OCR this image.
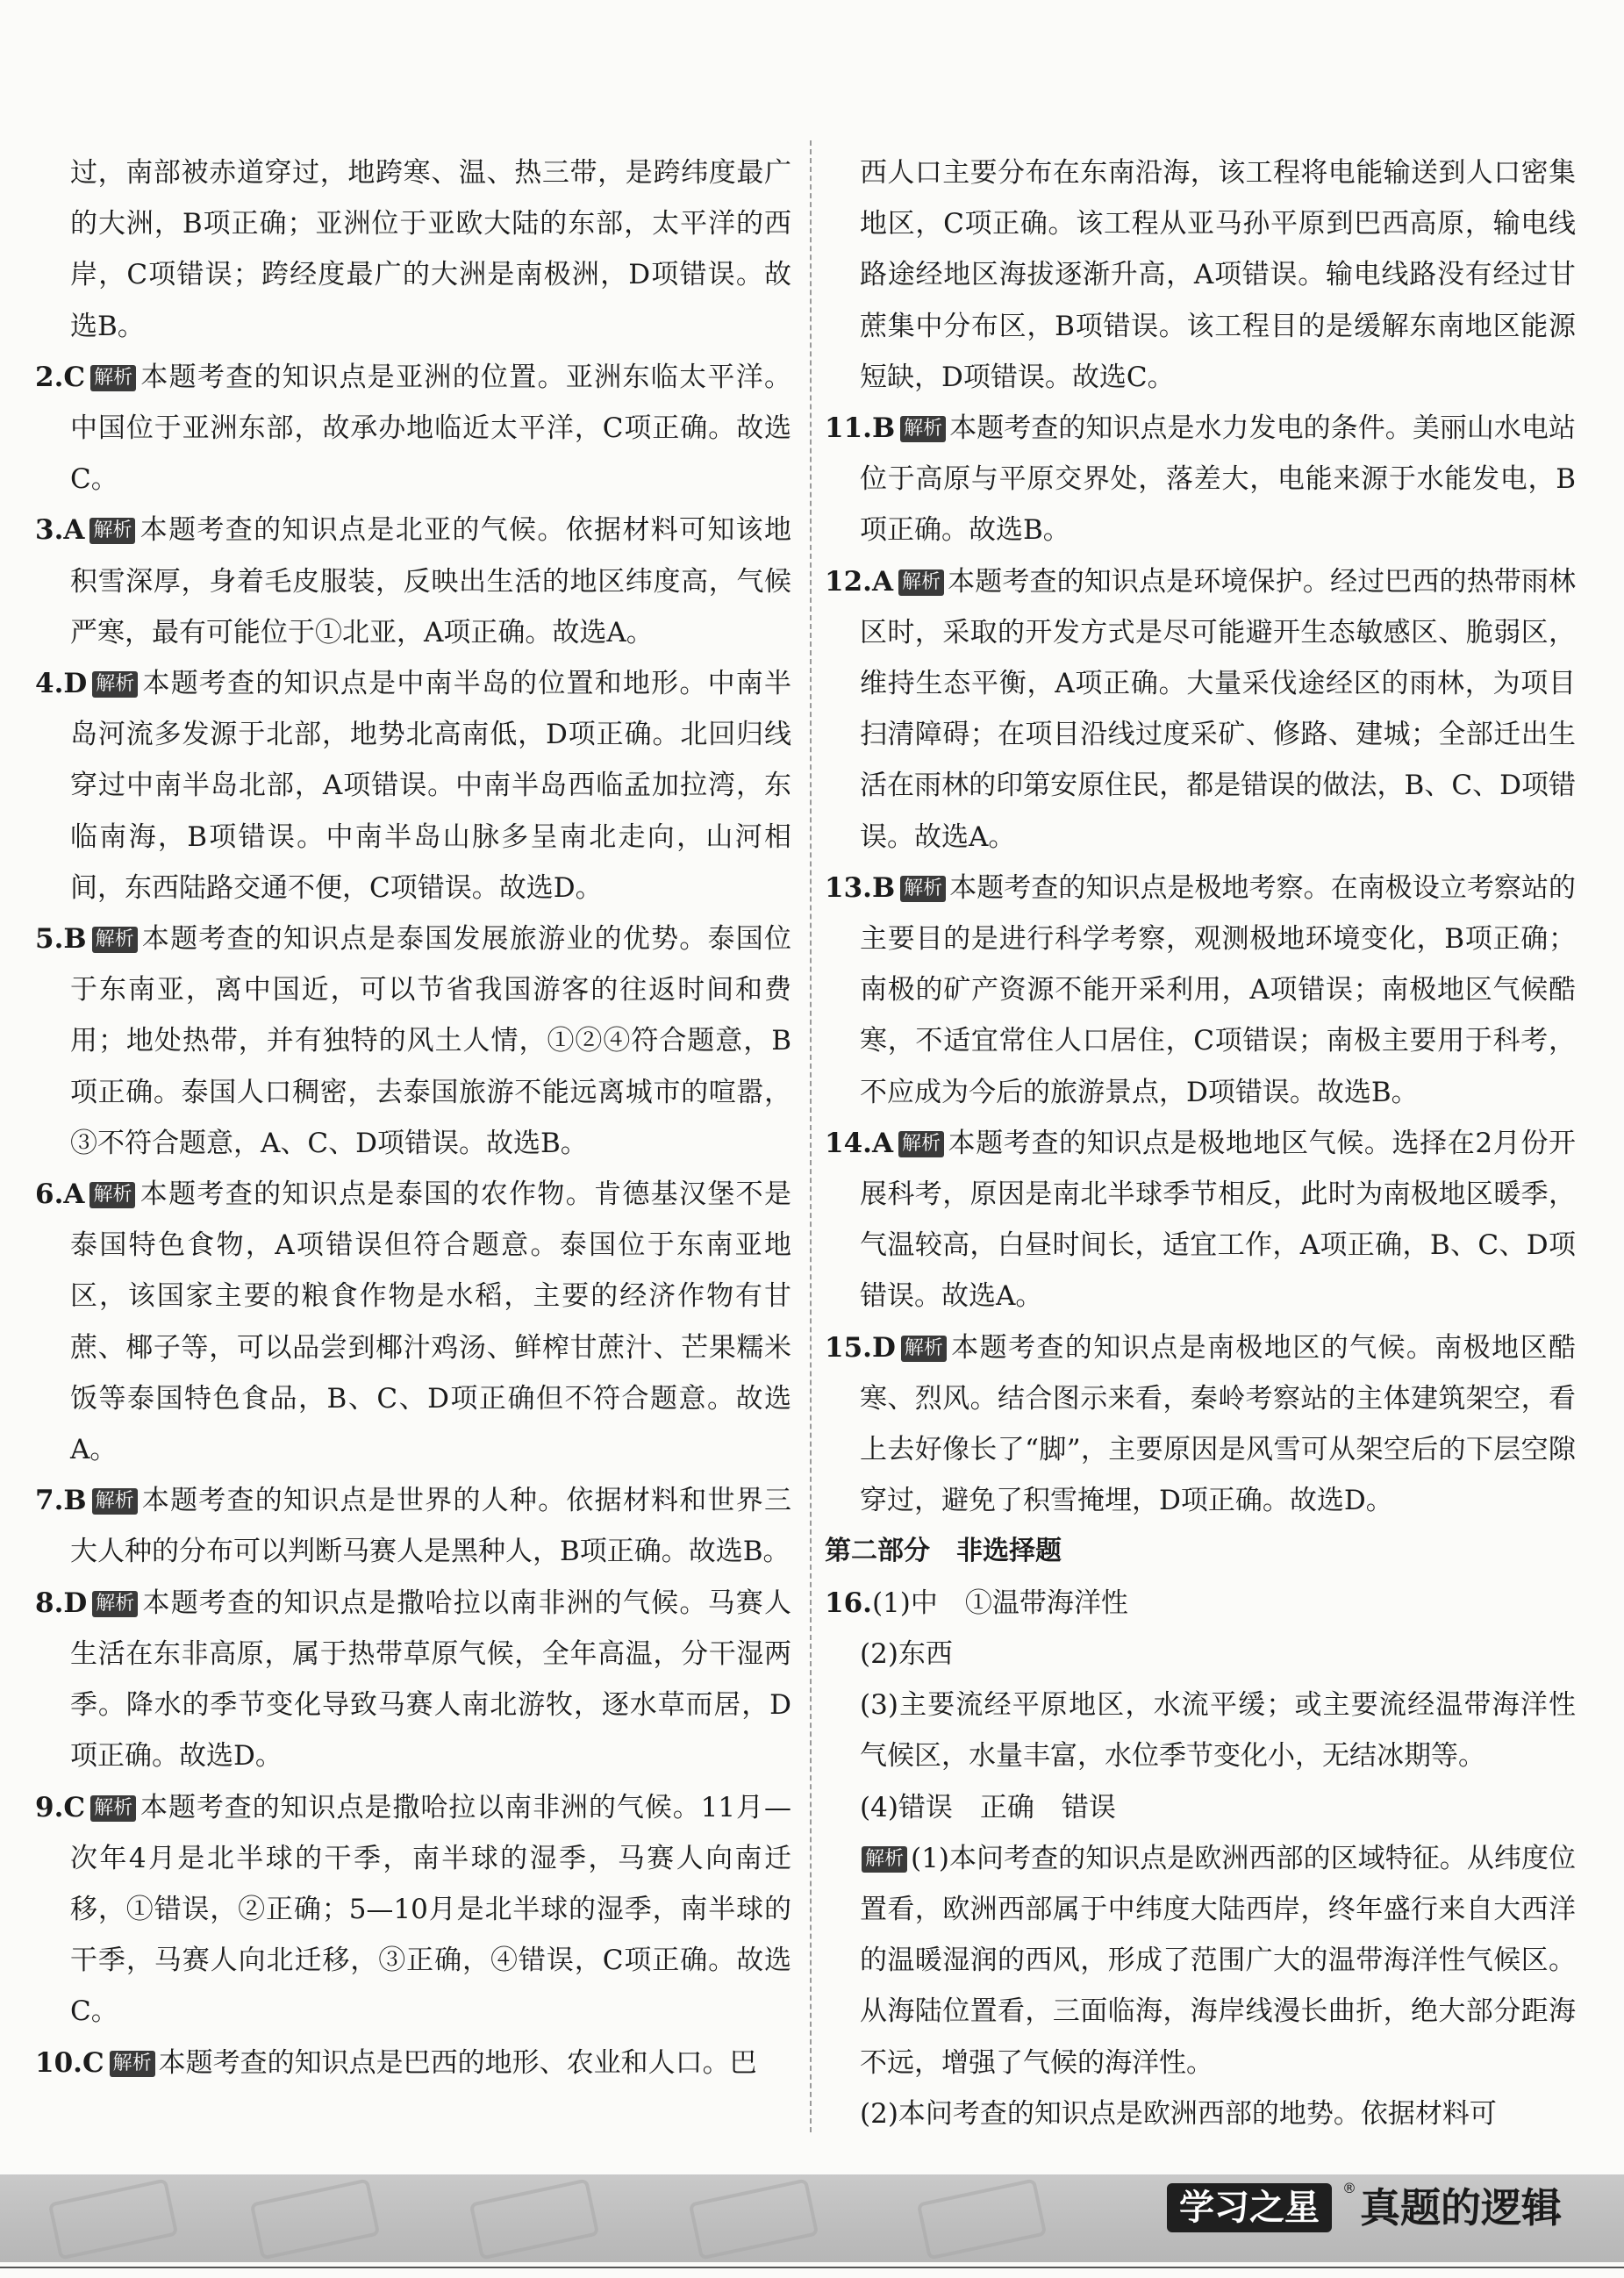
过，南部被赤道穿过，地跨寒、温、热三带，是跨纬度最广的大洲，B项正确；亚洲位于亚欧大陆的东部，太平洋的西岸，C项错误；跨经度最广的大洲是南极洲，D项错误。故选B。

2.C 解析 本题考查的知识点是亚洲的位置。亚洲东临太平洋。中国位于亚洲东部，故承办地临近太平洋，C项正确。故选C。

3.A 解析 本题考查的知识点是北亚的气候。依据材料可知该地积雪深厚，身着毛皮服装，反映出生活的地区纬度高，气候严寒，最有可能位于①北亚，A项正确。故选A。

4.D 解析 本题考查的知识点是中南半岛的位置和地形。中南半岛河流多发源于北部，地势北高南低，D项正确。北回归线穿过中南半岛北部，A项错误。中南半岛西临孟加拉湾，东临南海，B项错误。中南半岛山脉多呈南北走向，山河相间，东西陆路交通不便，C项错误。故选D。

5.B 解析 本题考查的知识点是泰国发展旅游业的优势。泰国位于东南亚，离中国近，可以节省我国游客的往返时间和费用；地处热带，并有独特的风土人情，①②④符合题意，B项正确。泰国人口稠密，去泰国旅游不能远离城市的喧嚣，③不符合题意，A、C、D项错误。故选B。

6.A 解析 本题考查的知识点是泰国的农作物。肯德基汉堡不是泰国特色食物，A项错误但符合题意。泰国位于东南亚地区，该国家主要的粮食作物是水稻，主要的经济作物有甘蔗、椰子等，可以品尝到椰汁鸡汤、鲜榨甘蔗汁、芒果糯米饭等泰国特色食品，B、C、D项正确但不符合题意。故选A。

7.B 解析 本题考查的知识点是世界的人种。依据材料和世界三大人种的分布可以判断马赛人是黑种人，B项正确。故选B。

8.D 解析 本题考查的知识点是撒哈拉以南非洲的气候。马赛人生活在东非高原，属于热带草原气候，全年高温，分干湿两季。降水的季节变化导致马赛人南北游牧，逐水草而居，D项正确。故选D。

9.C 解析 本题考查的知识点是撒哈拉以南非洲的气候。11月—次年4月是北半球的干季，南半球的湿季，马赛人向南迁移，①错误，②正确；5—10月是北半球的湿季，南半球的干季，马赛人向北迁移，③正确，④错误，C项正确。故选C。

10.C 解析 本题考查的知识点是巴西的地形、农业和人口。巴

西人口主要分布在东南沿海，该工程将电能输送到人口密集地区，C项正确。该工程从亚马孙平原到巴西高原，输电线路途经地区海拔逐渐升高，A项错误。输电线路没有经过甘蔗集中分布区，B项错误。该工程目的是缓解东南地区能源短缺，D项错误。故选C。

11.B 解析 本题考查的知识点是水力发电的条件。美丽山水电站位于高原与平原交界处，落差大，电能来源于水能发电，B项正确。故选B。

12.A 解析 本题考查的知识点是环境保护。经过巴西的热带雨林区时，采取的开发方式是尽可能避开生态敏感区、脆弱区，维持生态平衡，A项正确。大量采伐途经区的雨林，为项目扫清障碍；在项目沿线过度采矿、修路、建城；全部迁出生活在雨林的印第安原住民，都是错误的做法，B、C、D项错误。故选A。

13.B 解析 本题考查的知识点是极地考察。在南极设立考察站的主要目的是进行科学考察，观测极地环境变化，B项正确；南极的矿产资源不能开采利用，A项错误；南极地区气候酷寒，不适宜常住人口居住，C项错误；南极主要用于科考，不应成为今后的旅游景点，D项错误。故选B。

14.A 解析 本题考查的知识点是极地地区气候。选择在2月份开展科考，原因是南北半球季节相反，此时为南极地区暖季，气温较高，白昼时间长，适宜工作，A项正确，B、C、D项错误。故选A。

15.D 解析 本题考查的知识点是南极地区的气候。南极地区酷寒、烈风。结合图示来看，秦岭考察站的主体建筑架空，看上去好像长了“脚”，主要原因是风雪可从架空后的下层空隙穿过，避免了积雪掩埋，D项正确。故选D。

第二部分　非选择题

16.(1)中　①温带海洋性

(2)东西

(3)主要流经平原地区，水流平缓；或主要流经温带海洋性气候区，水量丰富，水位季节变化小，无结冰期等。

(4)错误　正确　错误

解析 (1)本问考查的知识点是欧洲西部的区域特征。从纬度位置看，欧洲西部属于中纬度大陆西岸，终年盛行来自大西洋的温暖湿润的西风，形成了范围广大的温带海洋性气候区。从海陆位置看，三面临海，海岸线漫长曲折，绝大部分距海不远，增强了气候的海洋性。

(2)本问考查的知识点是欧洲西部的地势。依据材料可

学习之星	® 真题的逻辑
